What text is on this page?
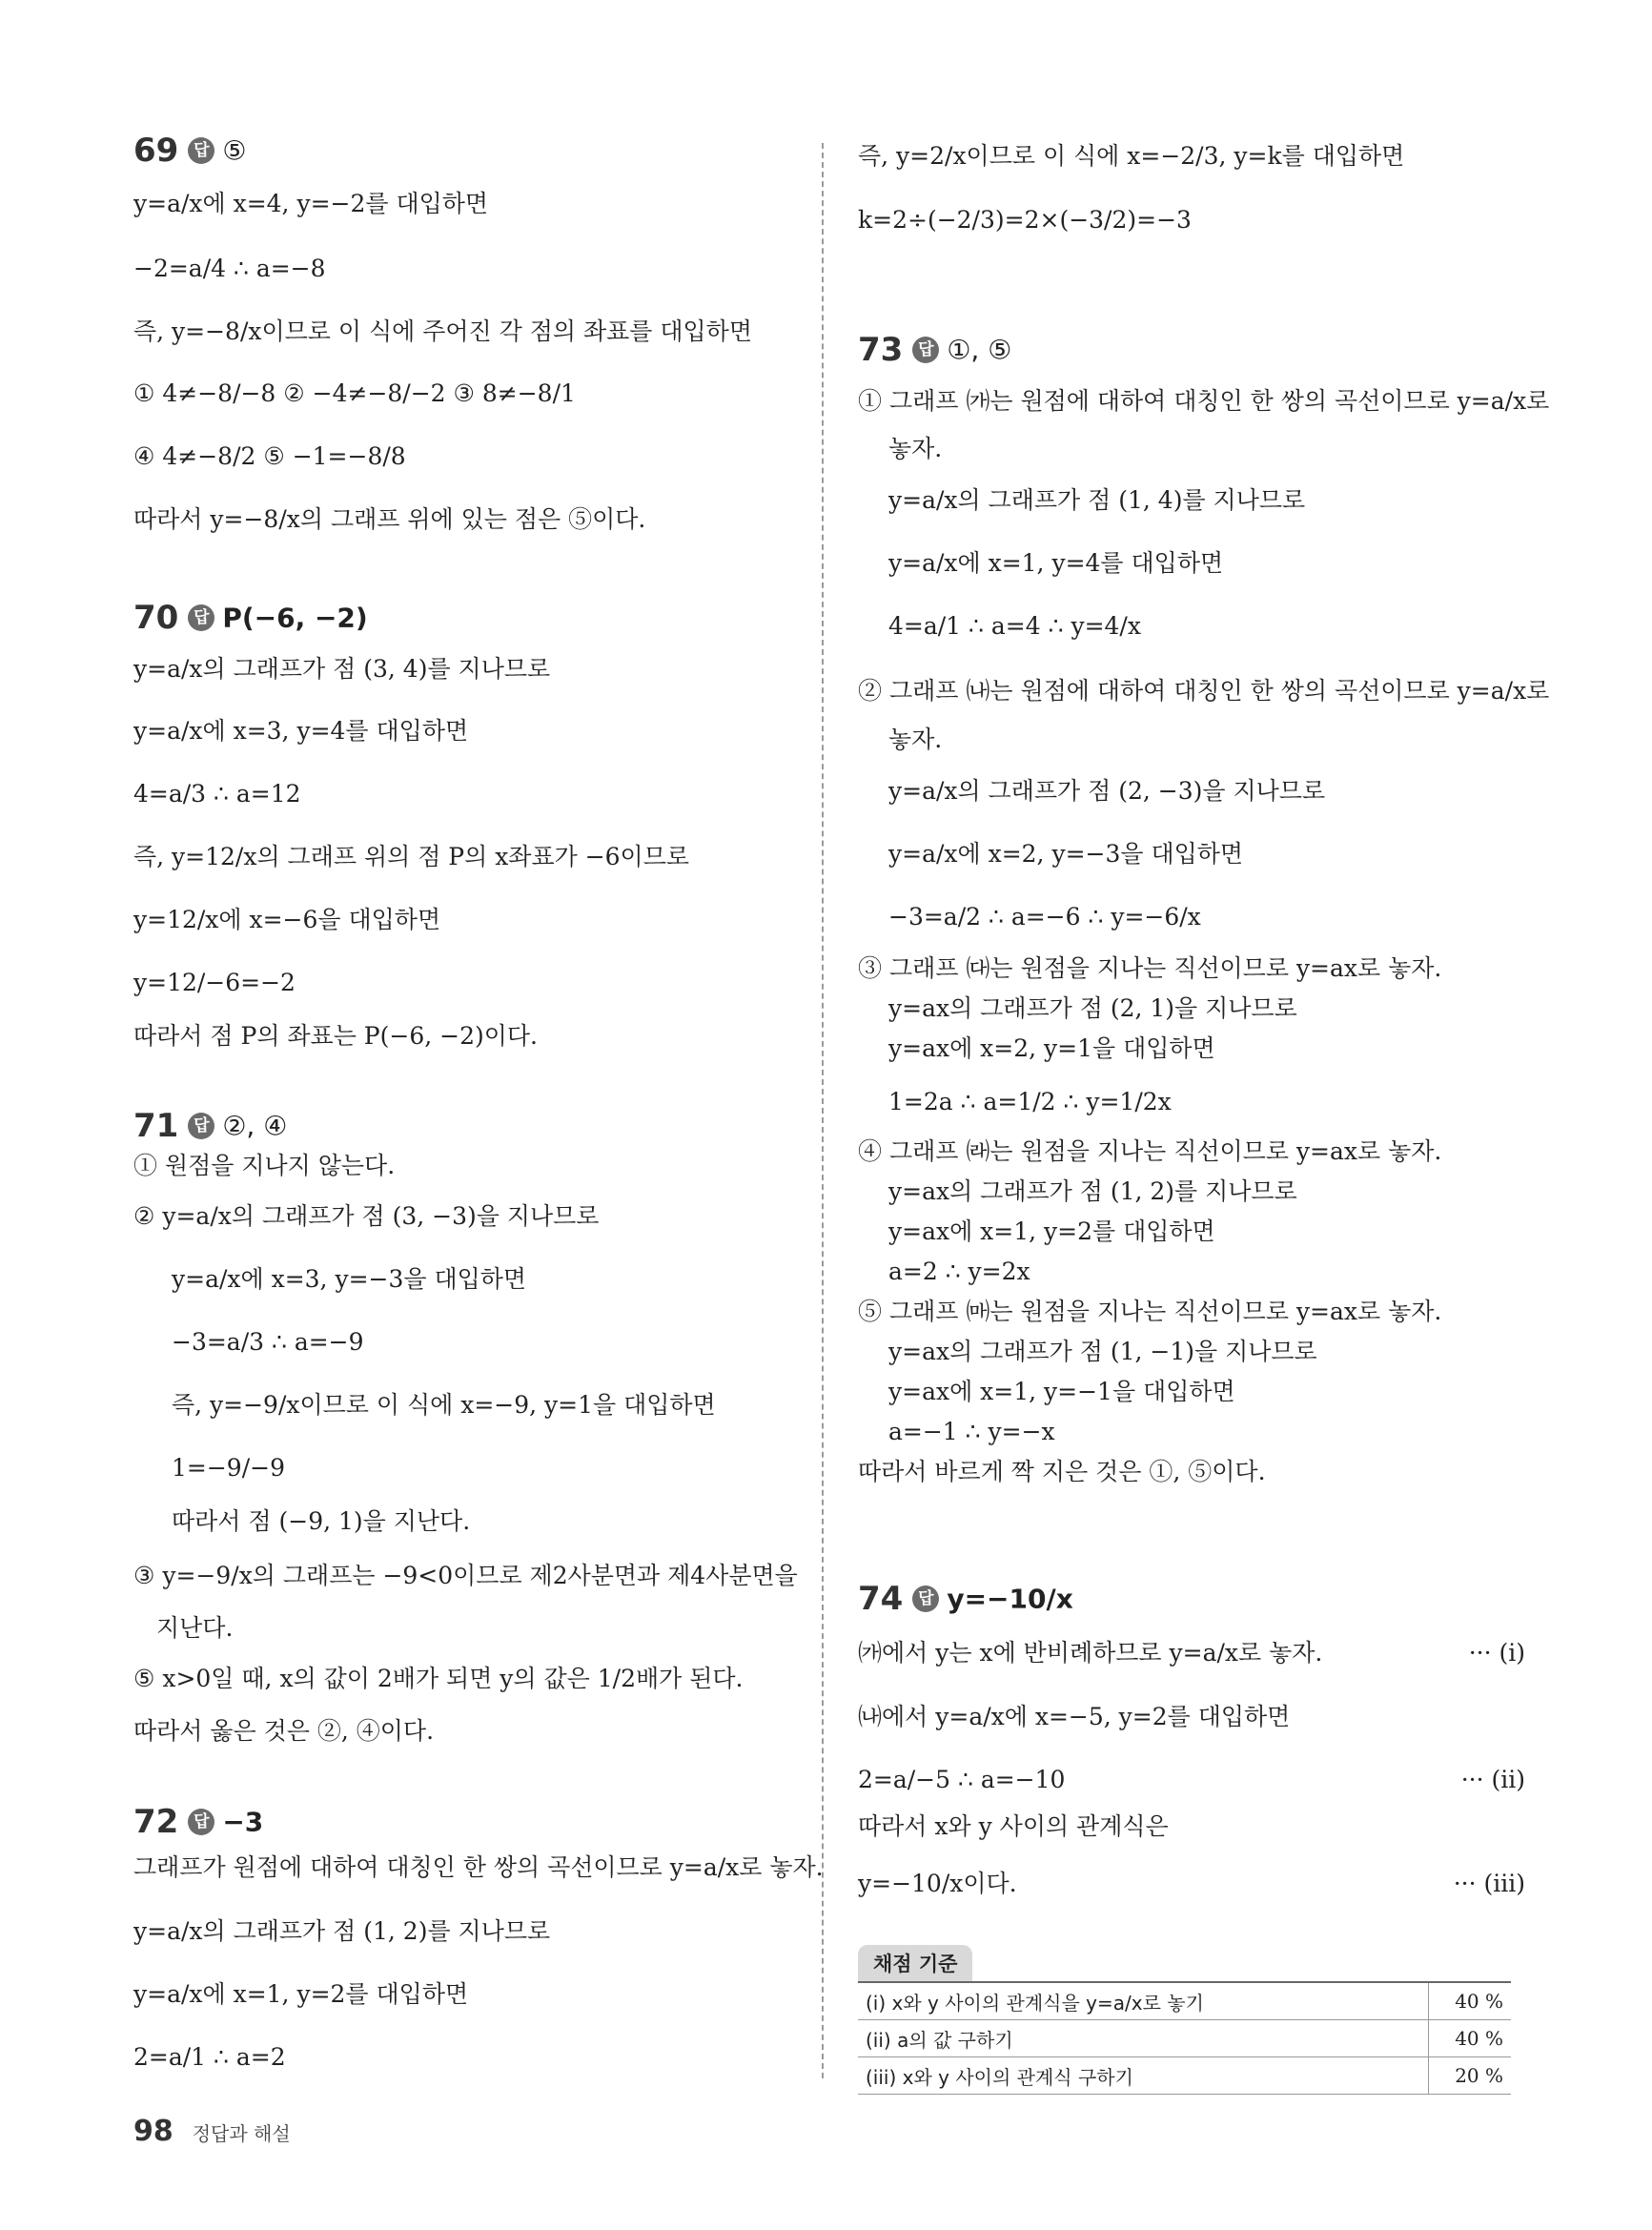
69 답 ⑤
y=a/x에 x=4, y=−2를 대입하면
−2=a/4 ∴ a=−8
즉, y=−8/x이므로 이 식에 주어진 각 점의 좌표를 대입하면
① 4≠−8/−8 ② −4≠−8/−2 ③ 8≠−8/1
④ 4≠−8/2 ⑤ −1=−8/8
따라서 y=−8/x의 그래프 위에 있는 점은 ⑤이다.
70 답 P(−6, −2)
y=a/x의 그래프가 점 (3, 4)를 지나므로
y=a/x에 x=3, y=4를 대입하면
4=a/3 ∴ a=12
즉, y=12/x의 그래프 위의 점 P의 x좌표가 −6이므로
y=12/x에 x=−6을 대입하면
y=12/−6=−2
따라서 점 P의 좌표는 P(−6, −2)이다.
71 답 ②, ④
① 원점을 지나지 않는다.
② y=a/x의 그래프가 점 (3, −3)을 지나므로
y=a/x에 x=3, y=−3을 대입하면
−3=a/3 ∴ a=−9
즉, y=−9/x이므로 이 식에 x=−9, y=1을 대입하면
1=−9/−9
따라서 점 (−9, 1)을 지난다.
③ y=−9/x의 그래프는 −9<0이므로 제2사분면과 제4사분면을
지난다.
⑤ x>0일 때, x의 값이 2배가 되면 y의 값은 1/2배가 된다.
따라서 옳은 것은 ②, ④이다.
72 답 −3
그래프가 원점에 대하여 대칭인 한 쌍의 곡선이므로 y=a/x로 놓자.
y=a/x의 그래프가 점 (1, 2)를 지나므로
y=a/x에 x=1, y=2를 대입하면
2=a/1 ∴ a=2
즉, y=2/x이므로 이 식에 x=−2/3, y=k를 대입하면
k=2÷(−2/3)=2×(−3/2)=−3
73 답 ①, ⑤
① 그래프 ㈎는 원점에 대하여 대칭인 한 쌍의 곡선이므로 y=a/x로
놓자.
y=a/x의 그래프가 점 (1, 4)를 지나므로
y=a/x에 x=1, y=4를 대입하면
4=a/1 ∴ a=4 ∴ y=4/x
② 그래프 ㈏는 원점에 대하여 대칭인 한 쌍의 곡선이므로 y=a/x로
놓자.
y=a/x의 그래프가 점 (2, −3)을 지나므로
y=a/x에 x=2, y=−3을 대입하면
−3=a/2 ∴ a=−6 ∴ y=−6/x
③ 그래프 ㈐는 원점을 지나는 직선이므로 y=ax로 놓자.
y=ax의 그래프가 점 (2, 1)을 지나므로
y=ax에 x=2, y=1을 대입하면
1=2a ∴ a=1/2 ∴ y=1/2x
④ 그래프 ㈑는 원점을 지나는 직선이므로 y=ax로 놓자.
y=ax의 그래프가 점 (1, 2)를 지나므로
y=ax에 x=1, y=2를 대입하면
a=2 ∴ y=2x
⑤ 그래프 ㈒는 원점을 지나는 직선이므로 y=ax로 놓자.
y=ax의 그래프가 점 (1, −1)을 지나므로
y=ax에 x=1, y=−1을 대입하면
a=−1 ∴ y=−x
따라서 바르게 짝 지은 것은 ①, ⑤이다.
74 답 y=−10/x
㈎에서 y는 x에 반비례하므로 y=a/x로 놓자.	··· (i)
㈏에서 y=a/x에 x=−5, y=2를 대입하면
2=a/−5 ∴ a=−10	··· (ii)
따라서 x와 y 사이의 관계식은
y=−10/x이다.	··· (iii)
채점 기준
(i) x와 y 사이의 관계식을 y=a/x로 놓기	40 %
(ii) a의 값 구하기	40 %
(iii) x와 y 사이의 관계식 구하기	20 %
98 정답과 해설
